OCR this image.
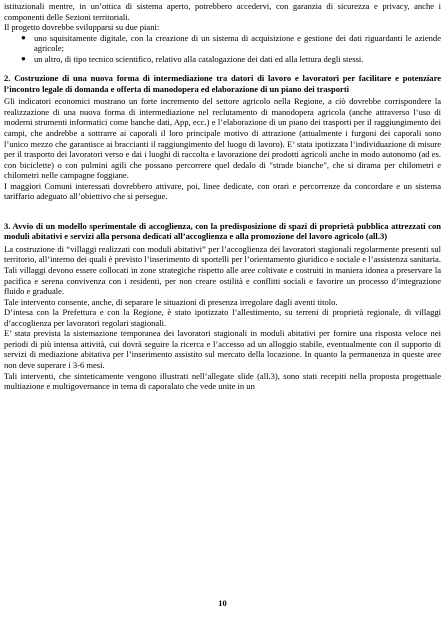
istituzionali mentre, in un’ottica di sistema aperto, potrebbero accedervi, con garanzia di sicurezza e privacy, anche i componenti delle Sezioni territoriali.

Il progetto dovrebbe svilupparsi su due piani:

● uno squisitamente digitale, con la creazione di un sistema di acquisizione e gestione dei dati riguardanti le aziende agricole;
● un altro, di tipo tecnico scientifico, relativo alla catalogazione dei dati ed alla lettura degli stessi.
2. Costruzione di una nuova forma di intermediazione tra datori di lavoro e lavoratori per facilitare e potenziare l’incontro legale di domanda e offerta di manodopera ed elaborazione di un piano dei trasporti

Gli indicatori economici mostrano un forte incremento del settore agricolo nella Regione, a ciò dovrebbe corrispondere la realizzazione di una nuova forma di intermediazione nel reclutamento di manodopera agricola (anche attraverso l’uso di moderni strumenti informatici come banche dati, App, ecc.) e l’elaborazione di un piano dei trasporti per il raggiungimento dei campi, che andrebbe a sottrarre ai caporali il loro principale motivo di attrazione (attualmente i furgoni dei caporali sono l’unico mezzo che garantisce ai braccianti il raggiungimento del luogo di lavoro). E’ stata ipotizzata l’individuazione di misure per il trasporto dei lavoratori verso e dai i luoghi di raccolta e lavorazione dei prodotti agricoli anche in modo autonomo (ad es. con biciclette) o con pulmini agili che possano percorrere quel dedalo di "strade bianche", che si dirama per chilometri e chilometri nelle campagne foggiane.

I maggiori Comuni interessati dovrebbero attivare, poi, linee dedicate, con orari e percorrenze da concordare e un sistema tariffario adeguato all’obiettivo che si persegue.

3. Avvio di un modello sperimentale di accoglienza, con la predisposizione di spazi di proprietà pubblica attrezzati con moduli abitativi e servizi alla persona dedicati all’accoglienza e alla promozione del lavoro agricolo (all.3)

La costruzione di “villaggi realizzati con moduli abitativi” per l’accoglienza dei lavoratori stagionali regolarmente presenti sul territorio, all’interno dei quali è previsto l’inserimento di sportelli per l’orientamento giuridico e sociale e l’assistenza sanitaria. Tali villaggi devono essere collocati in zone strategiche rispetto alle aree coltivate e costruiti in maniera idonea a preservare la pacifica e serena convivenza con i residenti, per non creare ostilità e conflitti sociali e favorire un processo d’integrazione fluido e graduale.

Tale intervento consente, anche, di separare le situazioni di presenza irregolare dagli aventi titolo.

D’intesa con la Prefettura e con la Regione, è stato ipotizzato l’allestimento, su terreni di proprietà regionale, di villaggi d’accoglienza per lavoratori regolari stagionali.

E’ stata prevista la sistemazione temporanea dei lavoratori stagionali in moduli abitativi per fornire una risposta veloce nei periodi di più intensa attività, cui dovrà seguire la ricerca e l’accesso ad un alloggio stabile, eventualmente con il supporto di servizi di mediazione abitativa per l’inserimento assistito sul mercato della locazione. In quanto la permanenza in queste aree non deve superare i 3-6 mesi.

Tali interventi, che sinteticamente vengono illustrati nell’allegate slide (all.3), sono stati recepiti nella proposta progettuale multiazione e multigovernance in tema di caporalato che vede unite in un

10
